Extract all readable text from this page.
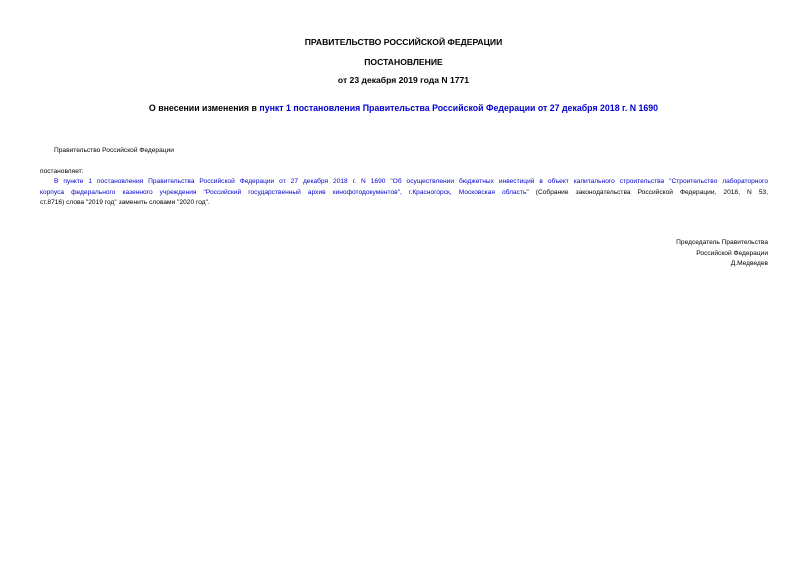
ПРАВИТЕЛЬСТВО РОССИЙСКОЙ ФЕДЕРАЦИИ
ПОСТАНОВЛЕНИЕ
от 23 декабря 2019 года N 1771
О внесении изменения в пункт 1 постановления Правительства Российской Федерации от 27 декабря 2018 г. N 1690
Правительство Российской Федерации
постановляет:
В пункте 1 постановления Правительства Российской Федерации от 27 декабря 2018 г. N 1690 "Об осуществлении бюджетных инвестиций в объект капитального строительства "Строительство лабораторного
корпуса федерального казенного учреждения "Российский государственный архив кинофотодокументов", г.Красногорск, Московская область" (Собрание законодательства Российской Федерации, 2018, N 53,
ст.8716) слова "2019 год" заменить словами "2020 год".
Председатель Правительства
Российской Федерации
Д.Медведев
